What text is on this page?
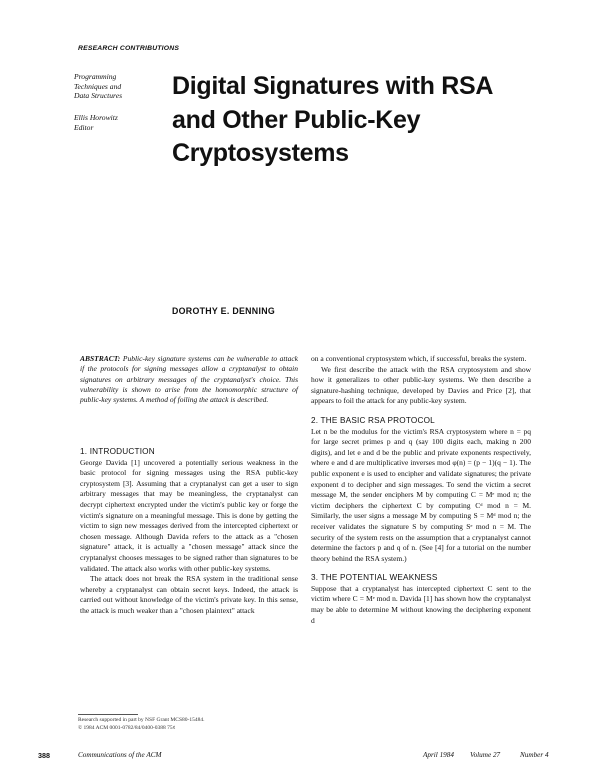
RESEARCH CONTRIBUTIONS
Programming
Techniques and
Data Structures
Ellis Horowitz
Editor
Digital Signatures with RSA
and Other Public-Key
Cryptosystems
DOROTHY E. DENNING

ABSTRACT: Public-key signature systems can be vulnerable to attack if the protocols for signing messages allow a cryptanalyst to obtain signatures on arbitrary messages of the cryptanalyst's choice. This vulnerability is shown to arise from the homomorphic structure of public-key systems. A method of foiling the attack is described.

1. INTRODUCTION

George Davida [1] uncovered a potentially serious weakness in the basic protocol for signing messages using the RSA public-key cryptosystem [3]. Assuming that a cryptanalyst can get a user to sign arbitrary messages that may be meaningless, the cryptanalyst can decrypt ciphertext encrypted under the victim's public key or forge the victim's signature on a meaningful message. This is done by getting the victim to sign new messages derived from the intercepted ciphertext or chosen message. Although Davida refers to the attack as a "chosen signature" attack, it is actually a "chosen message" attack since the cryptanalyst chooses messages to be signed rather than signatures to be validated. The attack also works with other public-key systems.

The attack does not break the RSA system in the traditional sense whereby a cryptanalyst can obtain secret keys. Indeed, the attack is carried out without knowledge of the victim's private key. In this sense, the attack is much weaker than a "chosen plaintext" attack

Research supported in part by NSF Grant MCS80-15484.
© 1984 ACM 0001-0782/84/0400-0388 75¢

on a conventional cryptosystem which, if successful, breaks the system.

We first describe the attack with the RSA cryptosystem and show how it generalizes to other public-key systems. We then describe a signature-hashing technique, developed by Davies and Price [2], that appears to foil the attack for any public-key system.

2. THE BASIC RSA PROTOCOL

Let n be the modulus for the victim's RSA cryptosystem where n = pq for large secret primes p and q (say 100 digits each, making n 200 digits), and let e and d be the public and private exponents respectively, where e and d are multiplicative inverses mod φ(n) = (p − 1)(q − 1). The public exponent e is used to encipher and validate signatures; the private exponent d to decipher and sign messages. To send the victim a secret message M, the sender enciphers M by computing C = Mᵉ mod n; the victim deciphers the ciphertext C by computing Cᵈ mod n = M. Similarly, the user signs a message M by computing S = Mᵈ mod n; the receiver validates the signature S by computing Sᵉ mod n = M. The security of the system rests on the assumption that a cryptanalyst cannot determine the factors p and q of n. (See [4] for a tutorial on the number theory behind the RSA system.)

3. THE POTENTIAL WEAKNESS

Suppose that a cryptanalyst has intercepted ciphertext C sent to the victim where C = Mᵉ mod n. Davida [1] has shown how the cryptanalyst may be able to determine M without knowing the deciphering exponent d

388	Communications of the ACM	April 1984 Volume 27	Number 4
